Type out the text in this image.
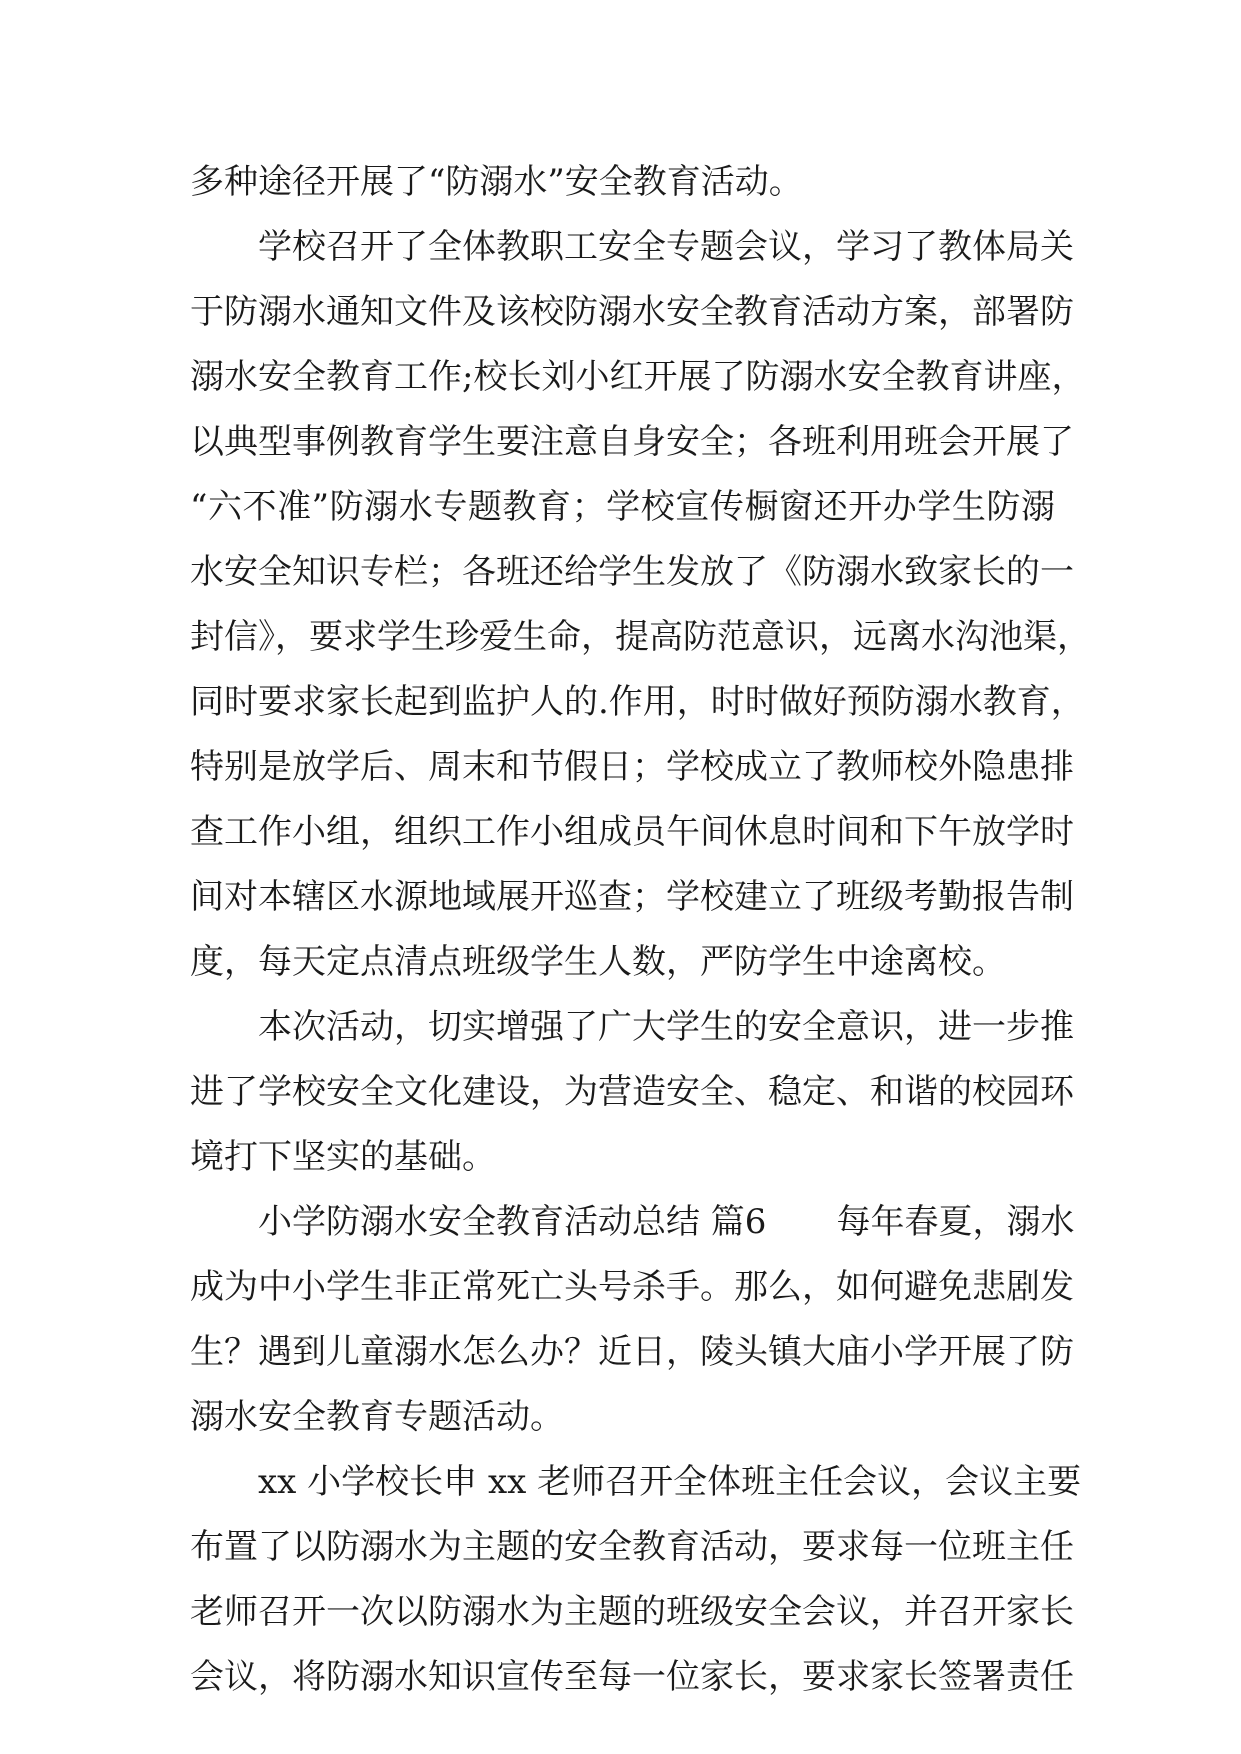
多种途径开展了“防溺水”安全教育活动。
学校召开了全体教职工安全专题会议，学习了教体局关
于防溺水通知文件及该校防溺水安全教育活动方案，部署防
溺水安全教育工作;校长刘小红开展了防溺水安全教育讲座，
以典型事例教育学生要注意自身安全；各班利用班会开展了
“六不准”防溺水专题教育；学校宣传橱窗还开办学生防溺
水安全知识专栏；各班还给学生发放了《防溺水致家长的一
封信》，要求学生珍爱生命，提高防范意识，远离水沟池渠，
同时要求家长起到监护人的.作用，时时做好预防溺水教育，
特别是放学后、周末和节假日；学校成立了教师校外隐患排
查工作小组，组织工作小组成员午间休息时间和下午放学时
间对本辖区水源地域展开巡查；学校建立了班级考勤报告制
度，每天定点清点班级学生人数，严防学生中途离校。
本次活动，切实增强了广大学生的安全意识，进一步推
进了学校安全文化建设，为营造安全、稳定、和谐的校园环
境打下坚实的基础。
小学防溺水安全教育活动总结 篇6 每年春夏，溺水
成为中小学生非正常死亡头号杀手。那么，如何避免悲剧发
生？遇到儿童溺水怎么办？近日，陵头镇大庙小学开展了防
溺水安全教育专题活动。
xx 小学校长申 xx 老师召开全体班主任会议，会议主要
布置了以防溺水为主题的安全教育活动，要求每一位班主任
老师召开一次以防溺水为主题的班级安全会议，并召开家长
会议，将防溺水知识宣传至每一位家长，要求家长签署责任
